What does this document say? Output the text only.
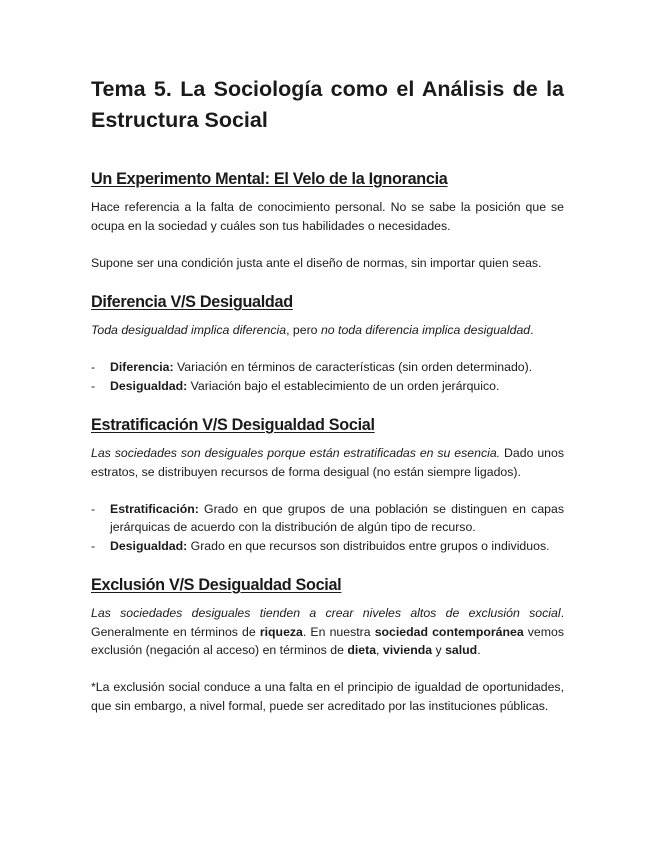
Tema 5. La Sociología como el Análisis de la Estructura Social
Un Experimento Mental: El Velo de la Ignorancia

Hace referencia a la falta de conocimiento personal. No se sabe la posición que se ocupa en la sociedad y cuáles son tus habilidades o necesidades.

Supone ser una condición justa ante el diseño de normas, sin importar quien seas.

Diferencia V/S Desigualdad

Toda desigualdad implica diferencia, pero no toda diferencia implica desigualdad.

- Diferencia: Variación en términos de características (sin orden determinado).
- Desigualdad: Variación bajo el establecimiento de un orden jerárquico.
Estratificación V/S Desigualdad Social

Las sociedades son desiguales porque están estratificadas en su esencia. Dado unos estratos, se distribuyen recursos de forma desigual (no están siempre ligados).

- Estratificación: Grado en que grupos de una población se distinguen en capas jerárquicas de acuerdo con la distribución de algún tipo de recurso.
- Desigualdad: Grado en que recursos son distribuidos entre grupos o individuos.
Exclusión V/S Desigualdad Social

Las sociedades desiguales tienden a crear niveles altos de exclusión social. Generalmente en términos de riqueza. En nuestra sociedad contemporánea vemos exclusión (negación al acceso) en términos de dieta, vivienda y salud.

*La exclusión social conduce a una falta en el principio de igualdad de oportunidades, que sin embargo, a nivel formal, puede ser acreditado por las instituciones públicas.
